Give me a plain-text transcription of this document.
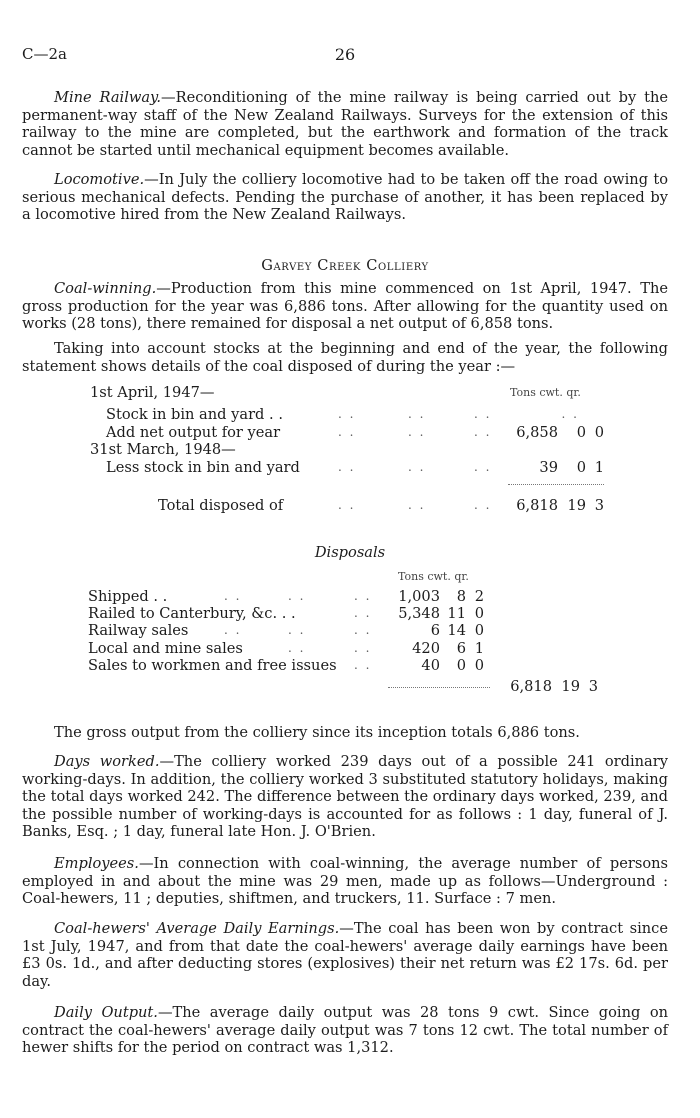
C—2a	26

Mine Railway.—Reconditioning of the mine railway is being carried out by the permanent-way staff of the New Zealand Railways. Surveys for the extension of this railway to the mine are completed, but the earthwork and formation of the track cannot be started until mechanical equipment becomes available.

Locomotive.—In July the colliery locomotive had to be taken off the road owing to serious mechanical defects. Pending the purchase of another, it has been replaced by a locomotive hired from the New Zealand Railways.

Garvey Creek Colliery

Coal-winning.—Production from this mine commenced on 1st April, 1947. The gross production for the year was 6,886 tons. After allowing for the quantity used on works (28 tons), there remained for disposal a net output of 6,858 tons.

Taking into account stocks at the beginning and end of the year, the following statement shows details of the coal disposed of during the year :—

1st April, 1947—	Tons cwt. qr.
Stock in bin and yard . .	. .	. .	. .	. .
Add net output for year	. .	. .	. .	6,858	0 0
31st March, 1948—
Less stock in bin and yard	. .	. .	. .	39	0 1
Total disposed of	. .	. .	. .	6,818 19 3
Disposals
Tons cwt. qr.
Shipped . .	. .	. .	. .	1,003	8 2
Railed to Canterbury, &c. . .	. .	5,348 11 0
Railway sales	. .	. .	. .	6 14 0
Local and mine sales	. .	. .	420	6 1
Sales to workmen and free issues . .	40	0 0
6,818 19 3

The gross output from the colliery since its inception totals 6,886 tons.

Days worked.—The colliery worked 239 days out of a possible 241 ordinary working-days. In addition, the colliery worked 3 substituted statutory holidays, making the total days worked 242. The difference between the ordinary days worked, 239, and the possible number of working-days is accounted for as follows : 1 day, funeral of J. Banks, Esq. ; 1 day, funeral late Hon. J. O'Brien.

Employees.—In connection with coal-winning, the average number of persons employed in and about the mine was 29 men, made up as follows—Underground : Coal-hewers, 11 ; deputies, shiftmen, and truckers, 11. Surface : 7 men.

Coal-hewers' Average Daily Earnings.—The coal has been won by contract since 1st July, 1947, and from that date the coal-hewers' average daily earnings have been £3 0s. 1d., and after deducting stores (explosives) their net return was £2 17s. 6d. per day.

Daily Output.—The average daily output was 28 tons 9 cwt. Since going on contract the coal-hewers' average daily output was 7 tons 12 cwt. The total number of hewer shifts for the period on contract was 1,312.
